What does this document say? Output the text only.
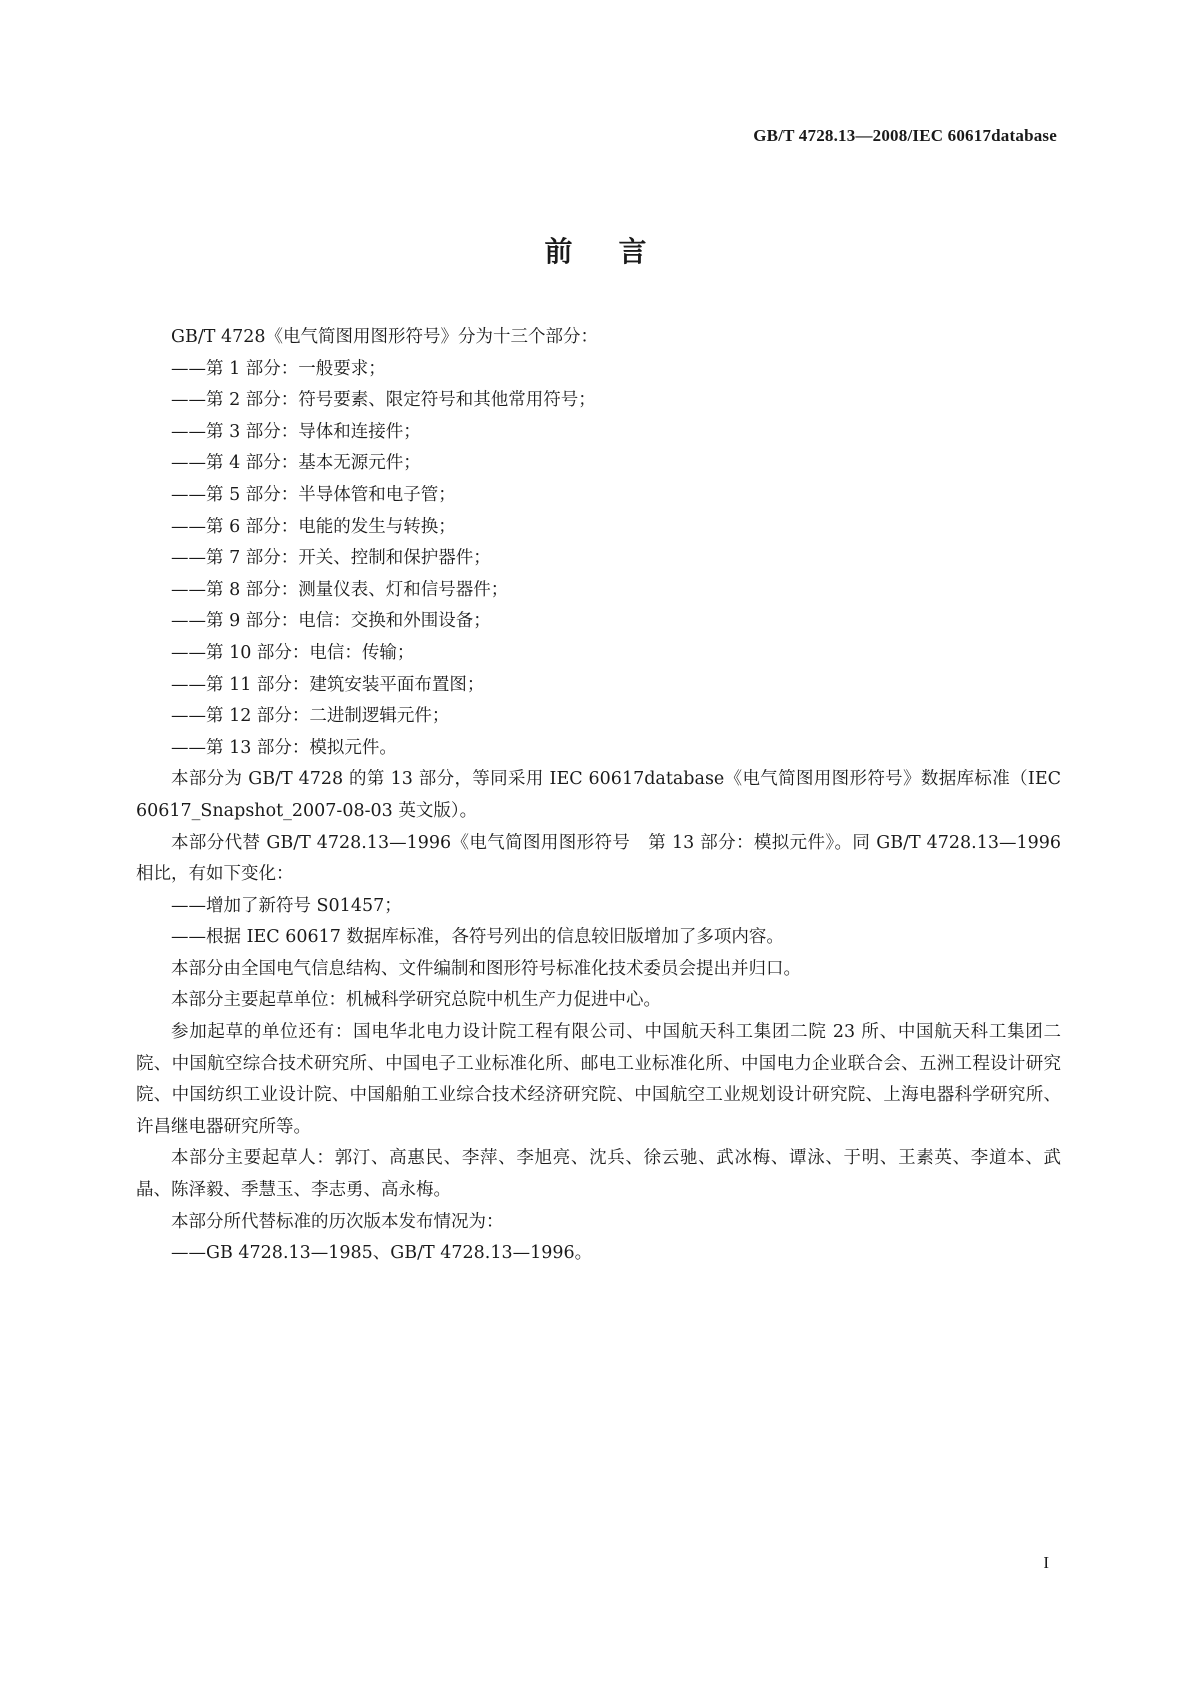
GB/T 4728.13—2008/IEC 60617database
前言

GB/T 4728《电气简图用图形符号》分为十三个部分：

——第 1 部分：一般要求；

——第 2 部分：符号要素、限定符号和其他常用符号；

——第 3 部分：导体和连接件；

——第 4 部分：基本无源元件；

——第 5 部分：半导体管和电子管；

——第 6 部分：电能的发生与转换；

——第 7 部分：开关、控制和保护器件；

——第 8 部分：测量仪表、灯和信号器件；

——第 9 部分：电信：交换和外围设备；

——第 10 部分：电信：传输；

——第 11 部分：建筑安装平面布置图；

——第 12 部分：二进制逻辑元件；

——第 13 部分：模拟元件。

本部分为 GB/T 4728 的第 13 部分，等同采用 IEC 60617database《电气简图用图形符号》数据库标准（IEC 60617_Snapshot_2007-08-03 英文版）。

本部分代替 GB/T 4728.13—1996《电气简图用图形符号　第 13 部分：模拟元件》。同 GB/T 4728.13—1996 相比，有如下变化：

——增加了新符号 S01457；

——根据 IEC 60617 数据库标准，各符号列出的信息较旧版增加了多项内容。

本部分由全国电气信息结构、文件编制和图形符号标准化技术委员会提出并归口。

本部分主要起草单位：机械科学研究总院中机生产力促进中心。

参加起草的单位还有：国电华北电力设计院工程有限公司、中国航天科工集团二院 23 所、中国航天科工集团二院、中国航空综合技术研究所、中国电子工业标准化所、邮电工业标准化所、中国电力企业联合会、五洲工程设计研究院、中国纺织工业设计院、中国船舶工业综合技术经济研究院、中国航空工业规划设计研究院、上海电器科学研究所、许昌继电器研究所等。

本部分主要起草人：郭汀、高惠民、李萍、李旭亮、沈兵、徐云驰、武冰梅、谭泳、于明、王素英、李道本、武晶、陈泽毅、季慧玉、李志勇、高永梅。

本部分所代替标准的历次版本发布情况为：

——GB 4728.13—1985、GB/T 4728.13—1996。

I
